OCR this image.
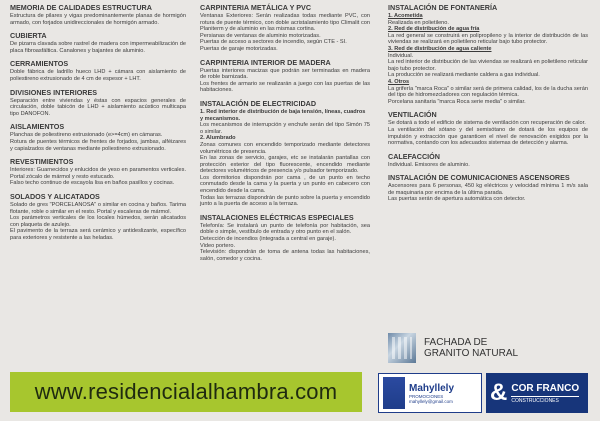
MEMORIA DE CALIDADES ESTRUCTURA

Estructura de pilares y vigas predominantemente planas de hormigón armado, con forjados unidireccionales de hormigón armado.

CUBIERTA

De pizarra clavada sobre rastrel de madera con impermeabilización de placa fibroasfáltica. Canalones y bajantes de aluminio.

CERRAMIENTOS

Doble fábrica de ladrillo hueco LHD + cámara con aislamiento de poliestireno extrusionado de 4 cm de espesor + LHT.

DIVISIONES INTERIORES

Separación entre viviendas y éstas con espacios generales de circulación, doble tabicón de LHD + aislamiento acústico multicapa tipo DANOFON.

AISLAMIENTOS

Planchas de poliestireno extrusionado (e>=4cm) en cámaras.

Rotura de puentes térmicos de frentes de forjados, jambas, alféizares y capialzados de ventanas mediante poliestireno extrusionado.

REVESTIMIENTOS

Interiores: Guarnecidos y enlucidos de yeso en paramentos verticales. Portal zócalo de mármol y resto estucado.

Falso techo continuo de escayola lisa en baños pasillos y cocinas.

SOLADOS Y ALICATADOS

Solado de gres "PORCELANOSA" o similar en cocina y baños. Tarima flotante, roble o similar en el resto. Portal y escaleras de mármol.

Los parámetros verticales de los locales húmedos, serán alicatados con plaqueta de azulejo.

El pavimento de la terraza será cerámico y antideslizante, específico para exteriores y resistente a las heladas.

CARPINTERIA METÁLICA Y PVC

Ventanas Exteriores: Serán realizadas todas mediante PVC, con rotura de puente térmico, con doble acristalamiento tipo Climalit con Planiterm y de aluminio en las mismas cortina.

Persianas de ventanas de aluminio motorizadas.

Puertas de acceso a sectores de incendio, según CTE - SI.

Puertas de garaje motorizadas.

CARPINTERIA INTERIOR DE MADERA

Puertas interiores macizas que podrán ser terminadas en madera de roble barnizada.

Los frentes de armario se realizarán a juego con las puertas de las habitaciones.

INSTALACIÓN DE ELECTRICIDAD

1. Red interior de distribución de baja tensión, líneas, cuadros y mecanismos.

Los mecanismos de interrupción y enchufe serán del tipo Simón 75 o similar.

2. Alumbrado

Zonas comunes con encendido temporizado mediante detectores volumétricos de presencia.

En las zonas de servicio, garajes, etc se instalarán pantallas con protección exterior del tipo fluorescente, encendido mediante detectores volumétricos de presencia y/o pulsador temporizado.

Los dormitorios dispondrán por cama , de un punto en techo conmutado desde la cama y la puerta y un punto en cabecero con encendido desde la cama.

Todas las terrazas dispondrán de punto sobre la puerta y encendido junto a la puerta de acceso a la terraza.

INSTALACIONES ELÉCTRICAS ESPECIALES

Telefonía: Se instalará un punto de telefonía por habitación, sea doble o simple, vestíbulo de entrada y otro punto en el salón.

Detección de incendios (integrada a central en garaje).

Video portero.

Televisión: dispondrán de toma de antena todas las habitaciones, salón, comedor y cocina.

INSTALACIÓN DE FONTANERÍA

1. Acometida

Realizada en polietileno.

2. Red de distribución de agua fría

La red general se construirá en polipropileno y la interior de distribución de las viviendas se realizará en polietileno reticular bajo tubo protector.

3. Red de distribución de agua caliente

Individual.

La red interior de distribución de las viviendas se realizará en polietileno reticular bajo tubo protector.

La producción se realizará mediante caldera a gas individual.

4. Otros

La grifería "marca Roca" o similar será de primera calidad, los de la ducha serán del tipo de hidromezcladores con regulación térmica.

Porcelana sanitaria "marca Roca serie media" o similar.

VENTILACIÓN

Se dotará a todo el edificio de sistema de ventilación con recuperación de calor.

La ventilación del sótano y del semisótano de dotará de los equipos de impulsión y extracción que garanticen el nivel de renovación exigidos por la normativa, contando con los adecuados sistemas de detección y alarma.

CALEFACCIÓN

Individual. Emisores de aluminio.

INSTALACIÓN DE COMUNICACIONES ASCENSORES

Ascensores para 6 personas, 450 kg eléctricos y velocidad mínima 1 m/s sala de maquinaria por encima de la última parada.

Las puertas serán de apertura automática con detector.

FACHADA DE
GRANITO NATURAL
www.residencialalhambra.com	Mahyllely
PROMOCIONES
mahyllely@gmail.com & COR FRANCO
CONSTRUCCIONES
